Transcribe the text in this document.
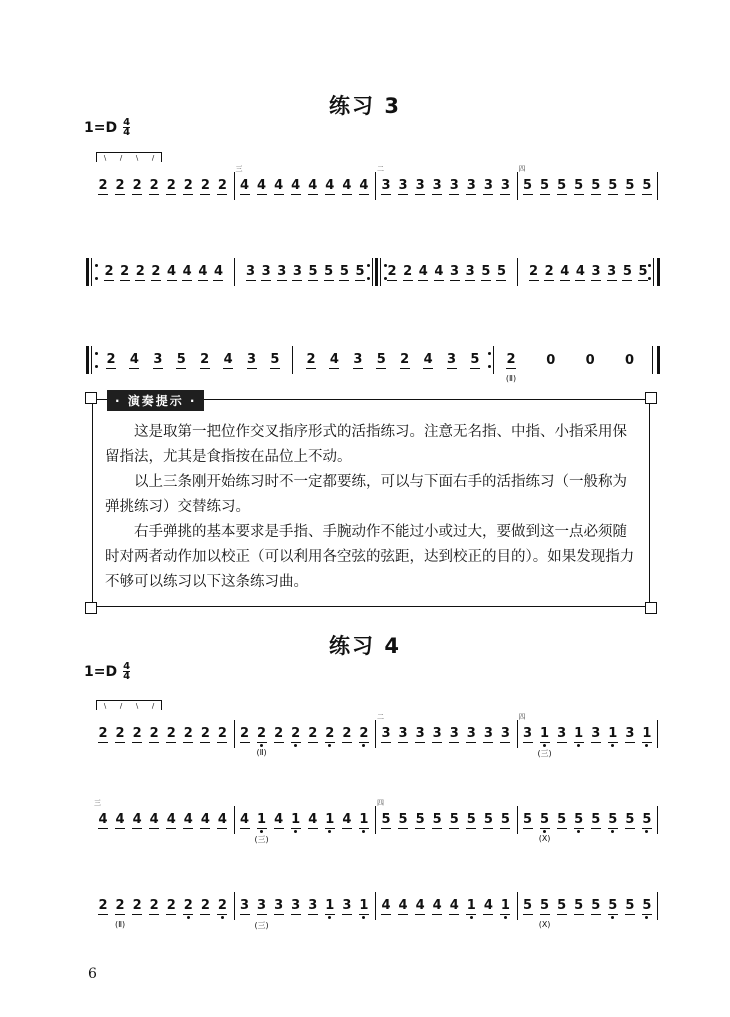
练习 3
1=D 4
4
2 2 2 2 2 2 2 2
三
4 4 4 4 4 4 4 4
二
3 3 3 3 3 3 3 3
四
5 5 5 5 5 5 5 5
\ / \ /
2 2 2 2 4 4 4 4 3 3 3 3 5 5 5 5 2 2 4 4 3 3 5 5 2 2 4 4 3 3 5 5
2 4 3 5 2 4 3 5 2 4 3 5 2 4 3 5 2
(Ⅱ)
0 0 0
· 演奏提示 ·

这是取第一把位作交叉指序形式的活指练习。注意无名指、中指、小指采用保留指法，尤其是食指按在品位上不动。

以上三条刚开始练习时不一定都要练，可以与下面右手的活指练习（一般称为弹挑练习）交替练习。

右手弹挑的基本要求是手指、手腕动作不能过小或过大，要做到这一点必须随时对两者动作加以校正（可以利用各空弦的弦距，达到校正的目的）。如果发现指力不够可以练习以下这条练习曲。

练习 4
1=D 4
4
2 2 2 2 2 2 2 2 2 2
(Ⅱ)
2 2 2 2 2 2
二
3 3 3 3 3 3 3 3
四
3 1
(三)
3 1 3 1 3 1
\ / \ /
三
4 4 4 4 4 4 4 4 4 1
(三)
4 1 4 1 4 1
四
5 5 5 5 5 5 5 5 5 5
(X)
5 5 5 5 5 5
2 2
(Ⅱ)
2 2 2 2 2 2 3 3
(三)
3 3 3 1 3 1 4 4 4 4 4 1 4 1 5 5
(X)
5 5 5 5 5 5
6
